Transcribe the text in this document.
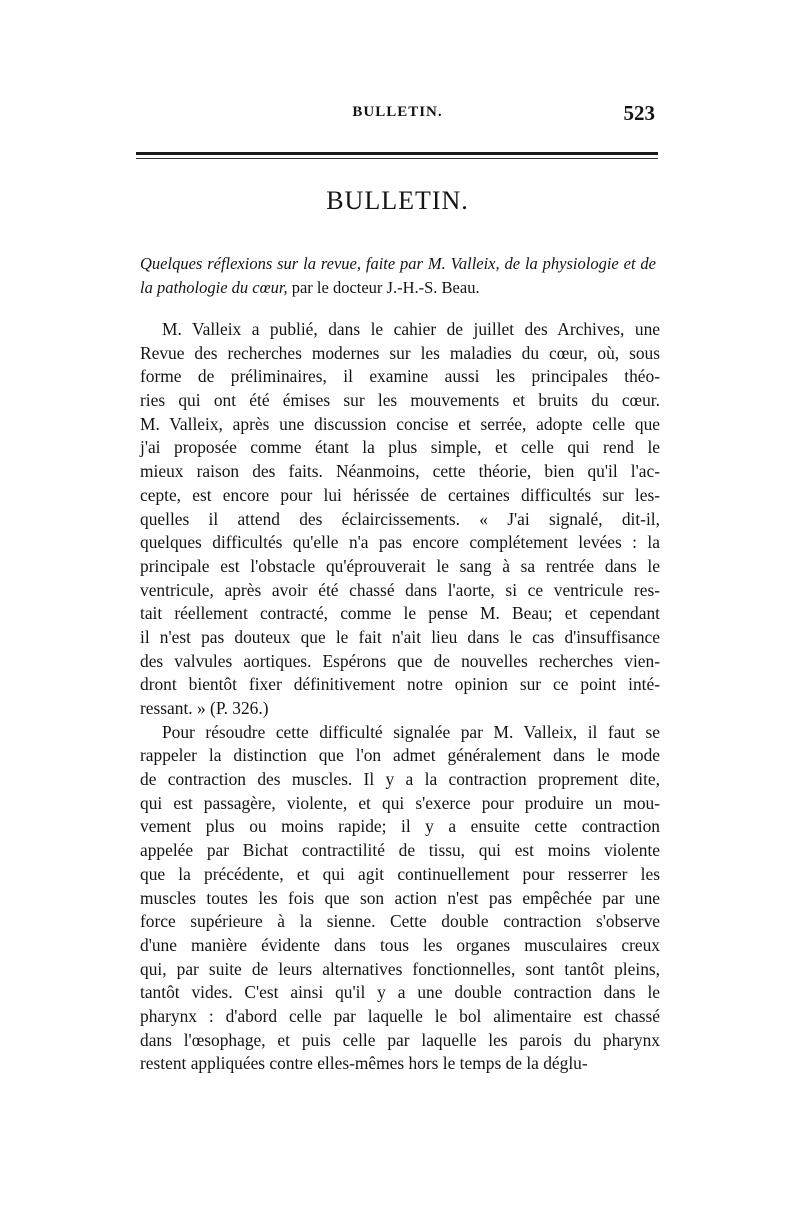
BULLETIN.	523
BULLETIN.
Quelques réflexions sur la revue, faite par M. Valleix, de la physiologie et de la pathologie du cœur, par le docteur J.-H.-S. Beau.
M. Valleix a publié, dans le cahier de juillet des Archives, une
Revue des recherches modernes sur les maladies du cœur, où, sous
forme de préliminaires, il examine aussi les principales théo-
ries qui ont été émises sur les mouvements et bruits du cœur.
M. Valleix, après une discussion concise et serrée, adopte celle que
j'ai proposée comme étant la plus simple, et celle qui rend le
mieux raison des faits. Néanmoins, cette théorie, bien qu'il l'ac-
cepte, est encore pour lui hérissée de certaines difficultés sur les-
quelles il attend des éclaircissements. « J'ai signalé, dit-il,
quelques difficultés qu'elle n'a pas encore complétement levées : la
principale est l'obstacle qu'éprouverait le sang à sa rentrée dans le
ventricule, après avoir été chassé dans l'aorte, si ce ventricule res-
tait réellement contracté, comme le pense M. Beau; et cependant
il n'est pas douteux que le fait n'ait lieu dans le cas d'insuffisance
des valvules aortiques. Espérons que de nouvelles recherches vien-
dront bientôt fixer définitivement notre opinion sur ce point inté-
ressant. » (P. 326.)
Pour résoudre cette difficulté signalée par M. Valleix, il faut se
rappeler la distinction que l'on admet généralement dans le mode
de contraction des muscles. Il y a la contraction proprement dite,
qui est passagère, violente, et qui s'exerce pour produire un mou-
vement plus ou moins rapide; il y a ensuite cette contraction
appelée par Bichat contractilité de tissu, qui est moins violente
que la précédente, et qui agit continuellement pour resserrer les
muscles toutes les fois que son action n'est pas empêchée par une
force supérieure à la sienne. Cette double contraction s'observe
d'une manière évidente dans tous les organes musculaires creux
qui, par suite de leurs alternatives fonctionnelles, sont tantôt pleins,
tantôt vides. C'est ainsi qu'il y a une double contraction dans le
pharynx : d'abord celle par laquelle le bol alimentaire est chassé
dans l'œsophage, et puis celle par laquelle les parois du pharynx
restent appliquées contre elles-mêmes hors le temps de la déglu-
